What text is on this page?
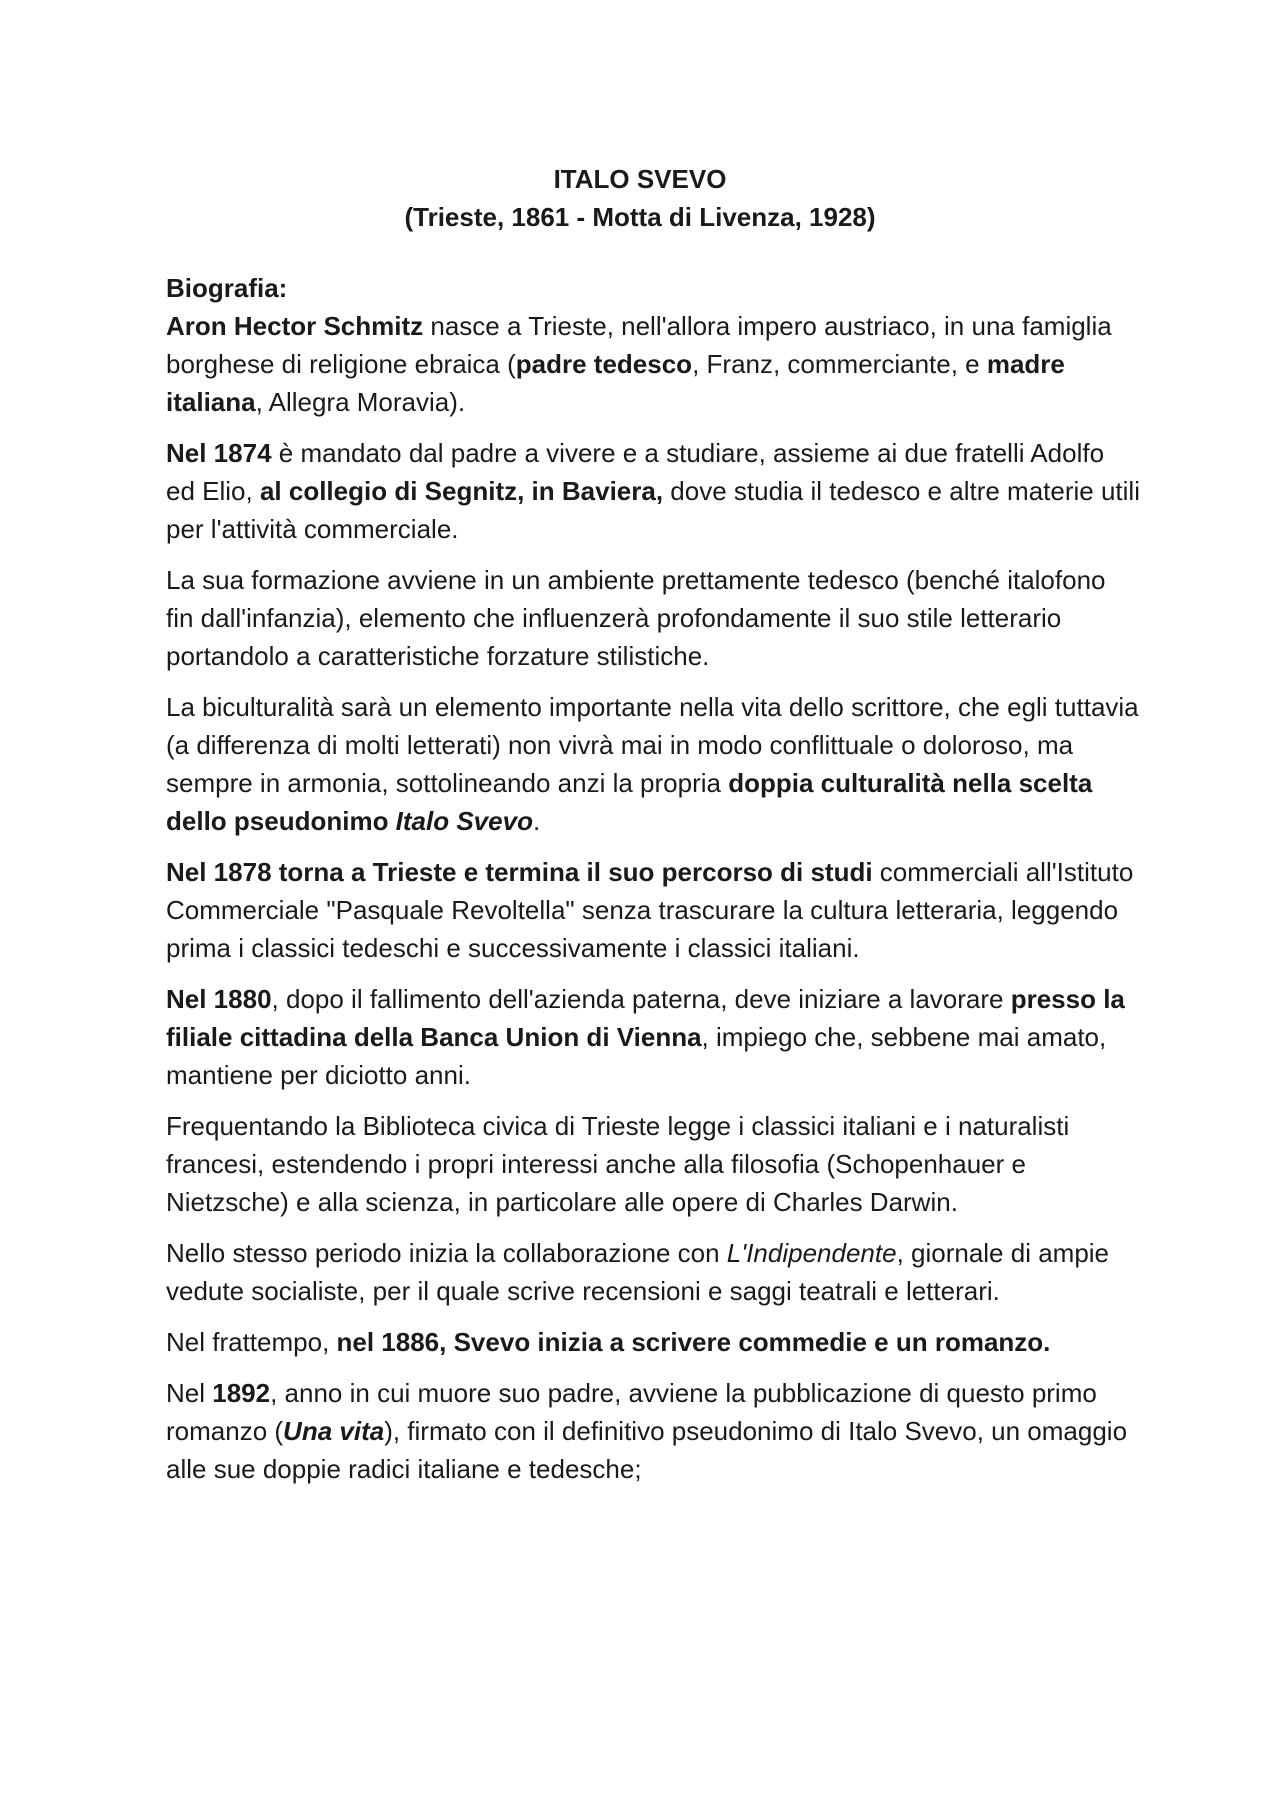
ITALO SVEVO
(Trieste, 1861 - Motta di Livenza, 1928)
Biografia:

Aron Hector Schmitz nasce a Trieste, nell'allora impero austriaco, in una famiglia borghese di religione ebraica (padre tedesco, Franz, commerciante, e madre italiana, Allegra Moravia).

Nel 1874 è mandato dal padre a vivere e a studiare, assieme ai due fratelli Adolfo ed Elio, al collegio di Segnitz, in Baviera, dove studia il tedesco e altre materie utili per l'attività commerciale.

La sua formazione avviene in un ambiente prettamente tedesco (benché italofono fin dall'infanzia), elemento che influenzerà profondamente il suo stile letterario portandolo a caratteristiche forzature stilistiche.

La biculturalità sarà un elemento importante nella vita dello scrittore, che egli tuttavia (a differenza di molti letterati) non vivrà mai in modo conflittuale o doloroso, ma sempre in armonia, sottolineando anzi la propria doppia culturalità nella scelta dello pseudonimo Italo Svevo.

Nel 1878 torna a Trieste e termina il suo percorso di studi commerciali all'Istituto Commerciale "Pasquale Revoltella" senza trascurare la cultura letteraria, leggendo prima i classici tedeschi e successivamente i classici italiani.

Nel 1880, dopo il fallimento dell'azienda paterna, deve iniziare a lavorare presso la filiale cittadina della Banca Union di Vienna, impiego che, sebbene mai amato, mantiene per diciotto anni.

Frequentando la Biblioteca civica di Trieste legge i classici italiani e i naturalisti francesi, estendendo i propri interessi anche alla filosofia (Schopenhauer e Nietzsche) e alla scienza, in particolare alle opere di Charles Darwin.

Nello stesso periodo inizia la collaborazione con L'Indipendente, giornale di ampie vedute socialiste, per il quale scrive recensioni e saggi teatrali e letterari.

Nel frattempo, nel 1886, Svevo inizia a scrivere commedie e un romanzo.

Nel 1892, anno in cui muore suo padre, avviene la pubblicazione di questo primo romanzo (Una vita), firmato con il definitivo pseudonimo di Italo Svevo, un omaggio alle sue doppie radici italiane e tedesche;
